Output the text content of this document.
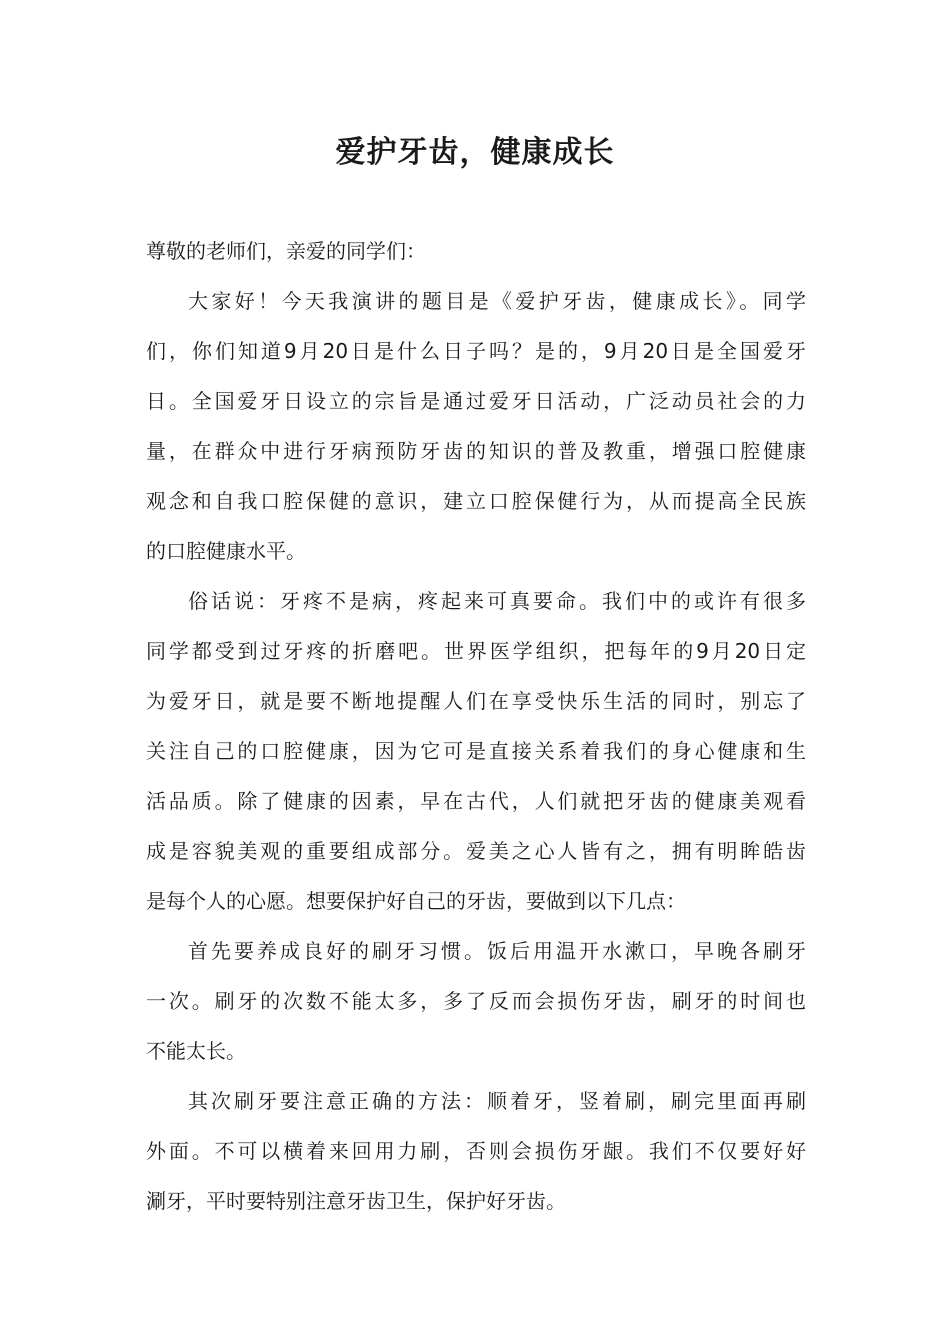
爱护牙齿，健康成长

尊敬的老师们，亲爱的同学们：

大家好！今天我演讲的题目是《爱护牙齿，健康成长》。同学
们，你们知道9月20日是什么日子吗？是的，9月20日是全国爱牙
日。全国爱牙日设立的宗旨是通过爱牙日活动，广泛动员社会的力
量，在群众中进行牙病预防牙齿的知识的普及教重，增强口腔健康
观念和自我口腔保健的意识，建立口腔保健行为，从而提高全民族
的口腔健康水平。

俗话说：牙疼不是病，疼起来可真要命。我们中的或许有很多
同学都受到过牙疼的折磨吧。世界医学组织，把每年的9月20日定
为爱牙日，就是要不断地提醒人们在享受快乐生活的同时，别忘了
关注自己的口腔健康，因为它可是直接关系着我们的身心健康和生
活品质。除了健康的因素，早在古代，人们就把牙齿的健康美观看
成是容貌美观的重要组成部分。爱美之心人皆有之，拥有明眸皓齿
是每个人的心愿。想要保护好自己的牙齿，要做到以下几点：

首先要养成良好的刷牙习惯。饭后用温开水漱口，早晚各刷牙
一次。刷牙的次数不能太多，多了反而会损伤牙齿，刷牙的时间也
不能太长。

其次刷牙要注意正确的方法：顺着牙，竖着刷，刷完里面再刷
外面。不可以横着来回用力刷，否则会损伤牙龈。我们不仅要好好
涮牙，平时要特别注意牙齿卫生，保护好牙齿。
